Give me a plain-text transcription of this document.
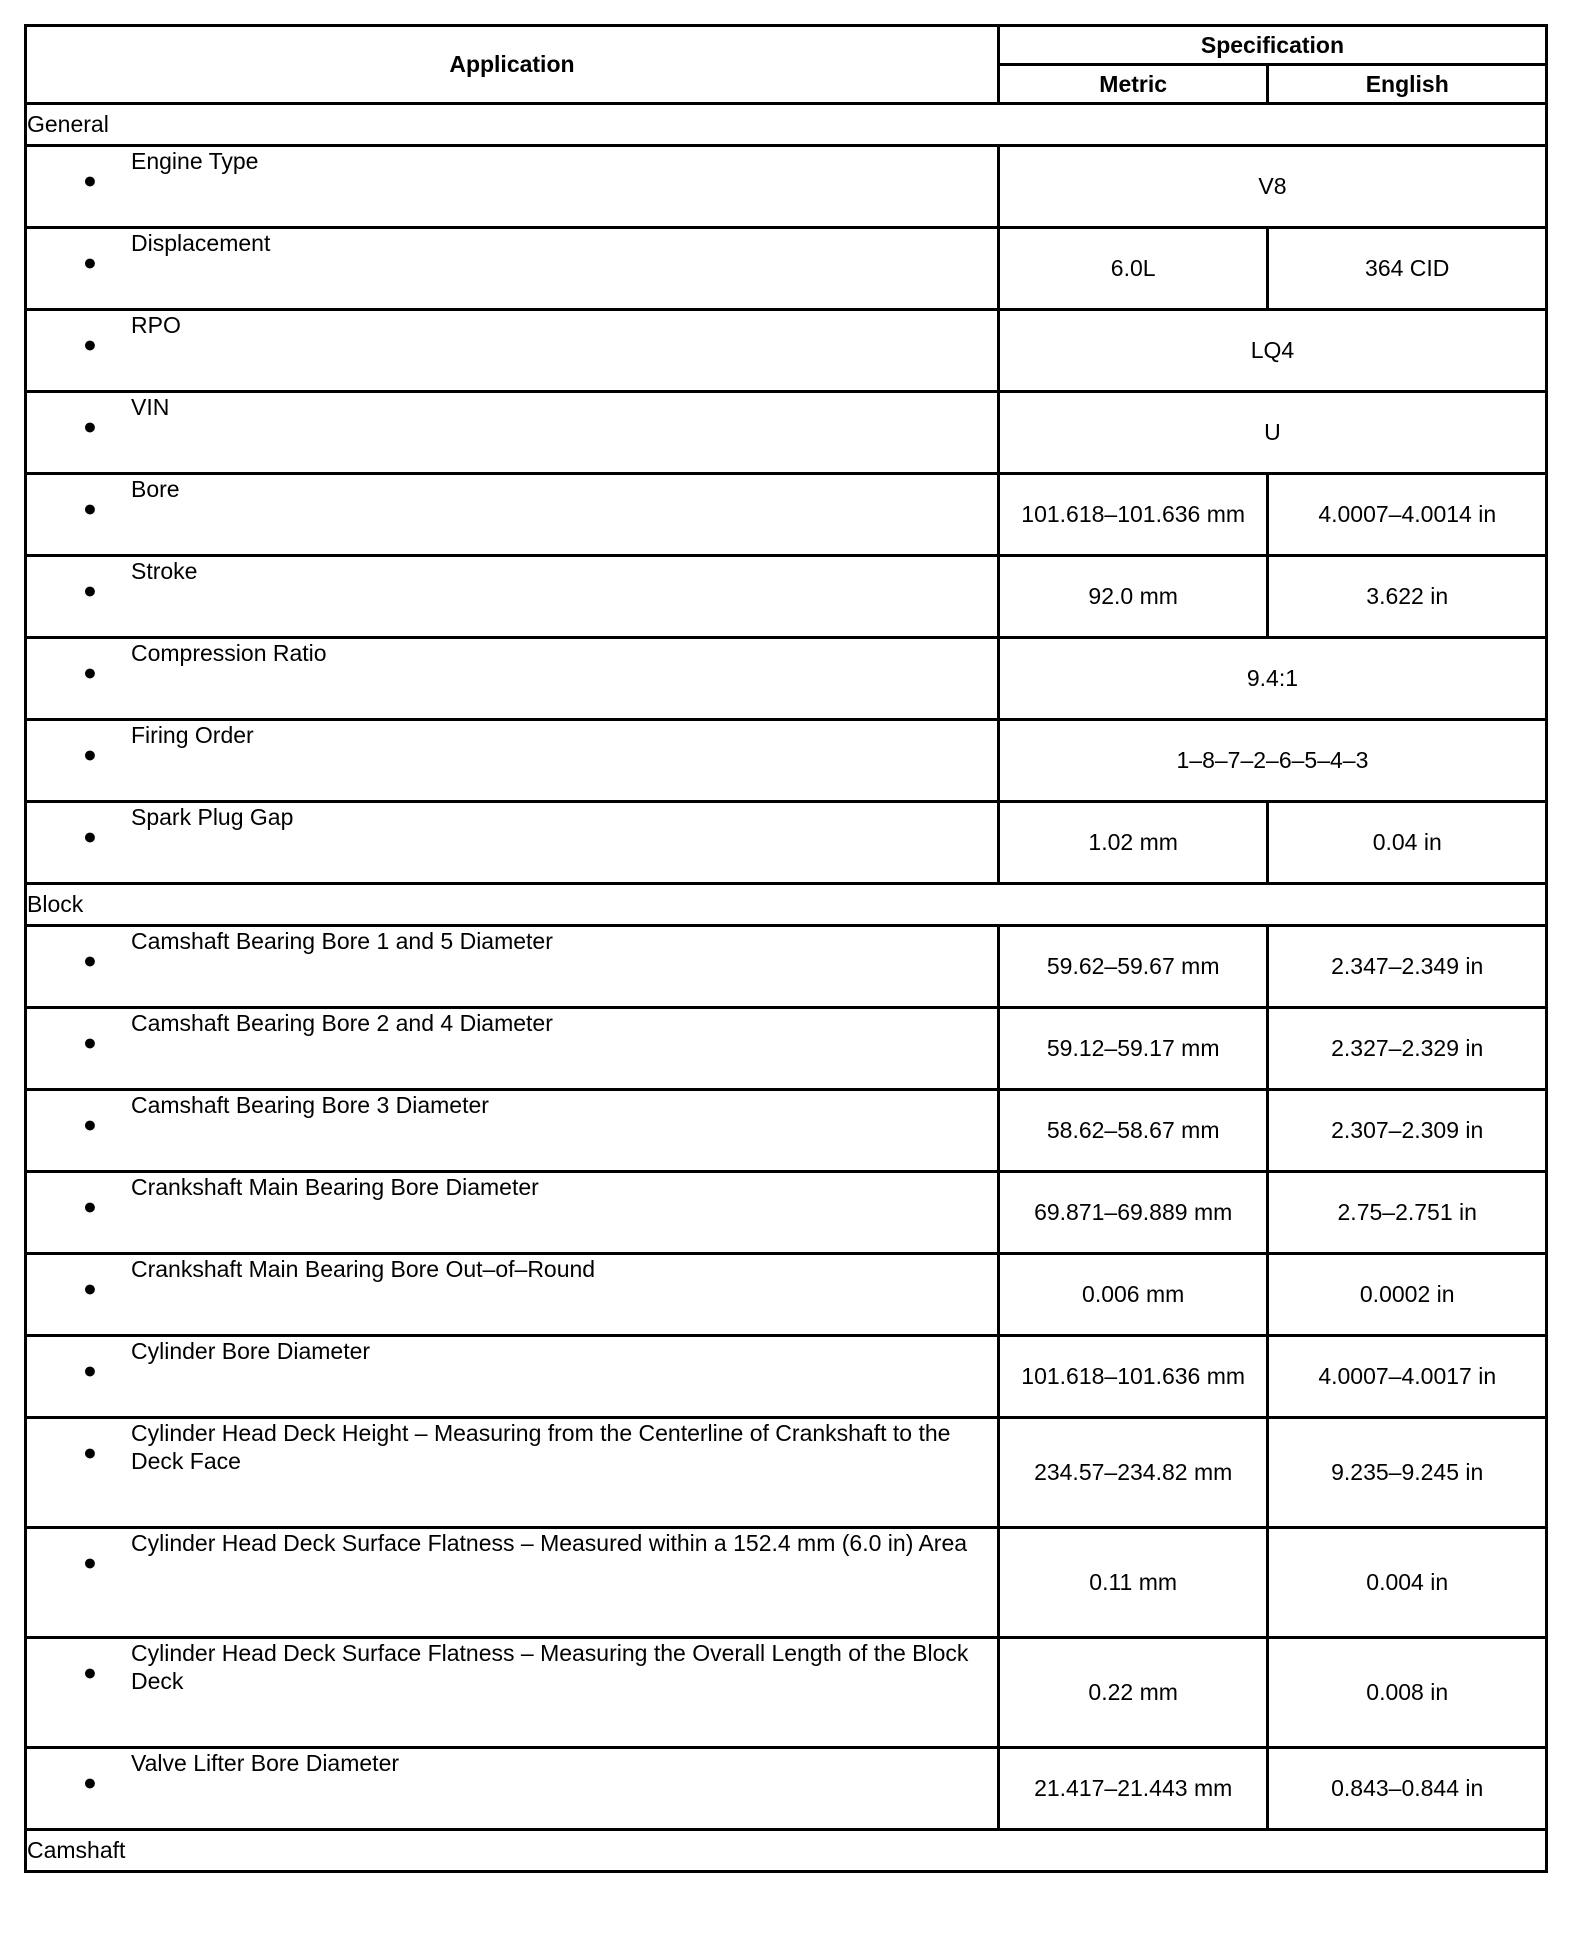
Application	Specification	
	Metric	English
General		

●
Engine Type	V8	

●
Displacement	6.0L	364 CID

●
RPO	LQ4	

●
VIN	U	

●
Bore	101.618–101.636 mm	4.0007–4.0014 in

●
Stroke	92.0 mm	3.622 in

●
Compression Ratio	9.4:1	

●
Firing Order	1–8–7–2–6–5–4–3	

●
Spark Plug Gap	1.02 mm	0.04 in
Block		

●
Camshaft Bearing Bore 1 and 5 Diameter	59.62–59.67 mm	2.347–2.349 in

●
Camshaft Bearing Bore 2 and 4 Diameter	59.12–59.17 mm	2.327–2.329 in

●
Camshaft Bearing Bore 3 Diameter	58.62–58.67 mm	2.307–2.309 in

●
Crankshaft Main Bearing Bore Diameter	69.871–69.889 mm	2.75–2.751 in

●
Crankshaft Main Bearing Bore Out–of–Round	0.006 mm	0.0002 in

●
Cylinder Bore Diameter	101.618–101.636 mm	4.0007–4.0017 in

●
Cylinder Head Deck Height – Measuring from the Centerline of Crankshaft to the Deck Face	234.57–234.82 mm	9.235–9.245 in

●
Cylinder Head Deck Surface Flatness – Measured within a 152.4 mm (6.0 in) Area	0.11 mm	0.004 in

●
Cylinder Head Deck Surface Flatness – Measuring the Overall Length of the Block Deck	0.22 mm	0.008 in

●
Valve Lifter Bore Diameter	21.417–21.443 mm	0.843–0.844 in
Camshaft		
